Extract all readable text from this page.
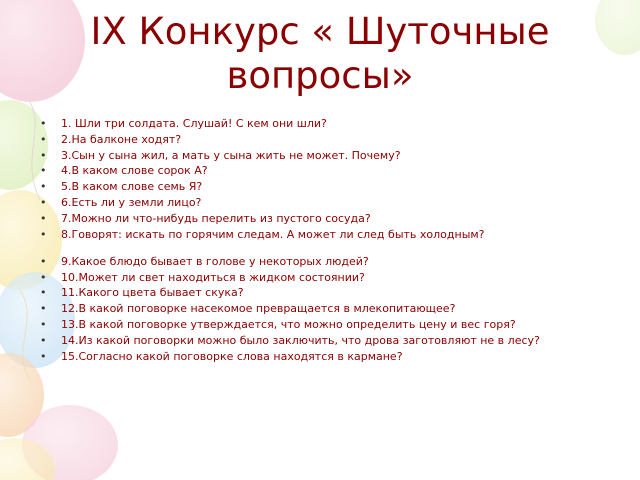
IX Конкурс « Шуточные
вопросы»
• 1. Шли три солдата. Слушай! С кем они шли?
• 2.На балконе ходят?
• 3.Сын у сына жил, а мать у сына жить не может. Почему?
• 4.В каком слове сорок А?
• 5.В каком слове семь Я?
• 6.Есть ли у земли лицо?
• 7.Можно ли что-нибудь перелить из пустого сосуда?
• 8.Говорят: искать по горячим следам. А может ли след быть холодным?
• 9.Какое блюдо бывает в голове у некоторых людей?
• 10.Может ли свет находиться в жидком состоянии?
• 11.Какого цвета бывает скука?
• 12.В какой поговорке насекомое превращается в млекопитающее?
• 13.В какой поговорке утверждается, что можно определить цену и вес горя?
• 14.Из какой поговорки можно было заключить, что дрова заготовляют не в лесу?
• 15.Согласно какой поговорке слова находятся в кармане?
